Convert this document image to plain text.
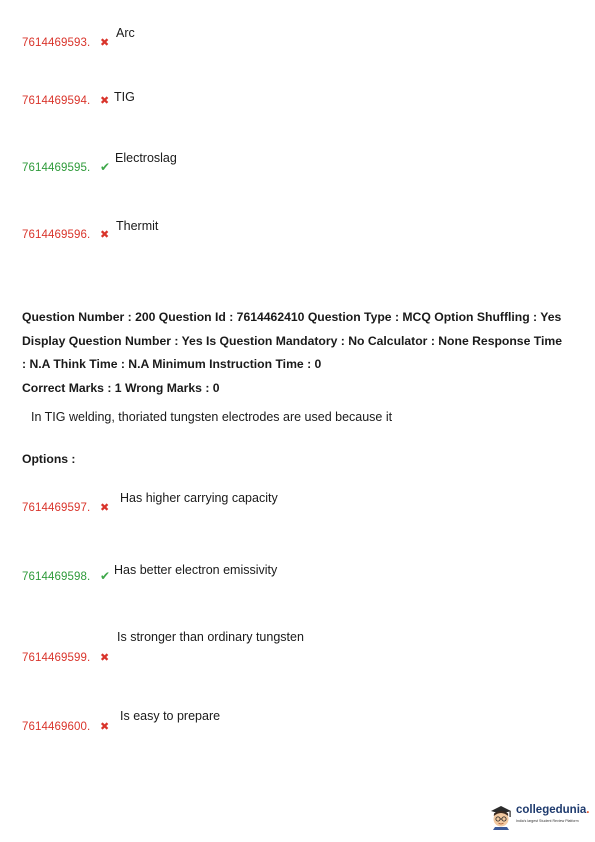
7614469593. ✖
Arc
7614469594. ✖ TIG
7614469595. ✔
Electroslag
7614469596. ✖
Thermit
Question Number : 200 Question Id : 7614462410 Question Type : MCQ Option Shuffling : Yes
Display Question Number : Yes Is Question Mandatory : No Calculator : None Response Time
: N.A Think Time : N.A Minimum Instruction Time : 0
Correct Marks : 1 Wrong Marks : 0
In TIG welding, thoriated tungsten electrodes are used because it
Options :
7614469597. ✖
Has higher carrying capacity
7614469598. ✔ Has better electron emissivity
7614469599. ✖
Is stronger than ordinary tungsten
7614469600. ✖
Is easy to prepare
collegedunia.
India's largest Student Review Platform
